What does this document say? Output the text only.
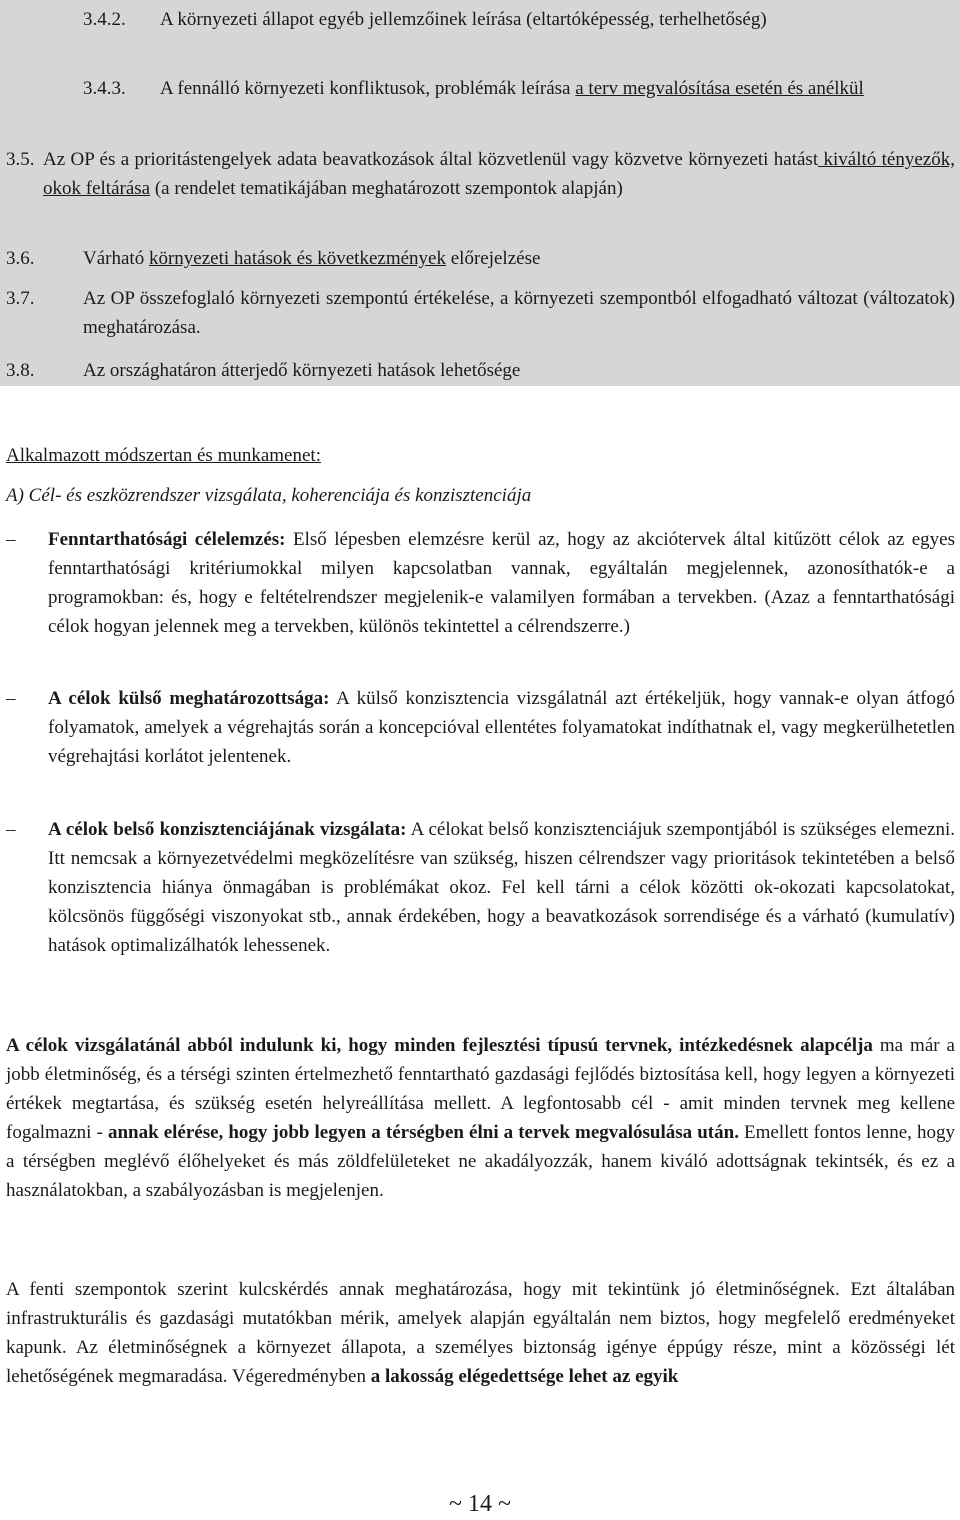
3.4.2.	A környezeti állapot egyéb jellemzőinek leírása (eltartóképesség, terhelhetőség)
3.4.3.	A fennálló környezeti konfliktusok, problémák leírása a terv megvalósítása esetén és anélkül
3.5. Az OP és a prioritástengelyek adata beavatkozások által közvetlenül vagy közvetve környezeti hatást kiváltó tényezők, okok feltárása (a rendelet tematikájában meghatározott szempontok alapján)
3.6.	Várható környezeti hatások és következmények előrejelzése
3.7.	Az OP összefoglaló környezeti szempontú értékelése, a környezeti szempontból elfogadható változat (változatok) meghatározása.
3.8.	Az országhatáron átterjedő környezeti hatások lehetősége
Alkalmazott módszertan és munkamenet:
A) Cél- és eszközrendszer vizsgálata, koherenciája és konzisztenciája
–	Fenntarthatósági célelemzés: Első lépesben elemzésre kerül az, hogy az akciótervek által kitűzött célok az egyes fenntarthatósági kritériumokkal milyen kapcsolatban vannak, egyáltalán megjelennek, azonosíthatók-e a programokban: és, hogy e feltételrendszer megjelenik-e valamilyen formában a tervekben. (Azaz a fenntarthatósági célok hogyan jelennek meg a tervekben, különös tekintettel a célrendszerre.)
–	A célok külső meghatározottsága: A külső konzisztencia vizsgálatnál azt értékeljük, hogy vannak-e olyan átfogó folyamatok, amelyek a végrehajtás során a koncepcióval ellentétes folyamatokat indíthatnak el, vagy megkerülhetetlen végrehajtási korlátot jelentenek.
–	A célok belső konzisztenciájának vizsgálata: A célokat belső konzisztenciájuk szempontjából is szükséges elemezni. Itt nemcsak a környezetvédelmi megközelítésre van szükség, hiszen célrendszer vagy prioritások tekintetében a belső konzisztencia hiánya önmagában is problémákat okoz. Fel kell tárni a célok közötti ok-okozati kapcsolatokat, kölcsönös függőségi viszonyokat stb., annak érdekében, hogy a beavatkozások sorrendisége és a várható (kumulatív) hatások optimalizálhatók lehessenek.
A célok vizsgálatánál abból indulunk ki, hogy minden fejlesztési típusú tervnek, intézkedésnek alapcélja ma már a jobb életminőség, és a térségi szinten értelmezhető fenntartható gazdasági fejlődés biztosítása kell, hogy legyen a környezeti értékek megtartása, és szükség esetén helyreállítása mellett. A legfontosabb cél - amit minden tervnek meg kellene fogalmazni - annak elérése, hogy jobb legyen a térségben élni a tervek megvalósulása után. Emellett fontos lenne, hogy a térségben meglévő élőhelyeket és más zöldfelületeket ne akadályozzák, hanem kiváló adottságnak tekintsék, és ez a használatokban, a szabályozásban is megjelenjen.
A fenti szempontok szerint kulcskérdés annak meghatározása, hogy mit tekintünk jó életminőségnek. Ezt általában infrastrukturális és gazdasági mutatókban mérik, amelyek alapján egyáltalán nem biztos, hogy megfelelő eredményeket kapunk. Az életminőségnek a környezet állapota, a személyes biztonság igénye éppúgy része, mint a közösségi lét lehetőségének megmaradása. Végeredményben a lakosság elégedettsége lehet az egyik
~ 14 ~
